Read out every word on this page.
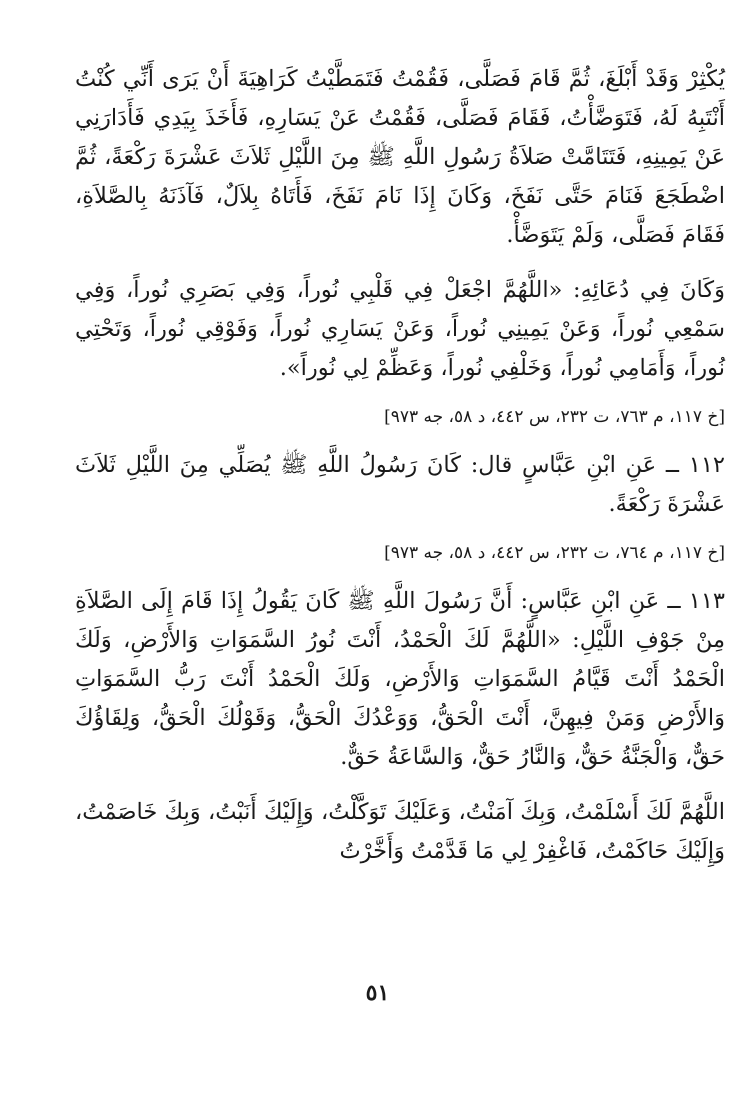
يُكْثِرْ وَقَدْ أَبْلَغَ، ثُمَّ قَامَ فَصَلَّى، فَقُمْتُ فَتَمَطَّيْتُ كَرَاهِيَةَ أَنْ يَرَى أَنِّي كُنْتُ أَنْتَبِهُ لَهُ، فَتَوَضَّأْتُ، فَقَامَ فَصَلَّى، فَقُمْتُ عَنْ يَسَارِهِ، فَأَخَذَ بِيَدِي فَأَدَارَنِي عَنْ يَمِينِهِ، فَتَتَامَّتْ صَلاَةُ رَسُولِ اللَّهِ ﷺ مِنَ اللَّيْلِ ثَلاَثَ عَشْرَةَ رَكْعَةً، ثُمَّ اضْطَجَعَ فَنَامَ حَتَّى نَفَخَ، وَكَانَ إِذَا نَامَ نَفَخَ، فَأَتَاهُ بِلاَلٌ، فَآذَنَهُ بِالصَّلاَةِ، فَقَامَ فَصَلَّى، وَلَمْ يَتَوَضَّأْ.

وَكَانَ فِي دُعَائِهِ: «اللَّهُمَّ اجْعَلْ فِي قَلْبِي نُوراً، وَفِي بَصَرِي نُوراً، وَفِي سَمْعِي نُوراً، وَعَنْ يَمِينِي نُوراً، وَعَنْ يَسَارِي نُوراً، وَفَوْقِي نُوراً، وَتَحْتِي نُوراً، وَأَمَامِي نُوراً، وَخَلْفِي نُوراً، وَعَظِّمْ لِي نُوراً».

[خ ١١٧، م ٧٦٣، ت ٢٣٢، س ٤٤٢، د ٥٨، جه ٩٧٣]

١١٢ ــ عَنِ ابْنِ عَبَّاسٍ قال: كَانَ رَسُولُ اللَّهِ ﷺ يُصَلِّي مِنَ اللَّيْلِ ثَلاَثَ عَشْرَةَ رَكْعَةً.

[خ ١١٧، م ٧٦٤، ت ٢٣٢، س ٤٤٢، د ٥٨، جه ٩٧٣]

١١٣ ــ عَنِ ابْنِ عَبَّاسٍ: أَنَّ رَسُولَ اللَّهِ ﷺ كَانَ يَقُولُ إِذَا قَامَ إِلَى الصَّلاَةِ مِنْ جَوْفِ اللَّيْلِ: «اللَّهُمَّ لَكَ الْحَمْدُ، أَنْتَ نُورُ السَّمَوَاتِ وَالأَرْضِ، وَلَكَ الْحَمْدُ أَنْتَ قَيَّامُ السَّمَوَاتِ وَالأَرْضِ، وَلَكَ الْحَمْدُ أَنْتَ رَبُّ السَّمَوَاتِ وَالأَرْضِ وَمَنْ فِيهِنَّ، أَنْتَ الْحَقُّ، وَوَعْدُكَ الْحَقُّ، وَقَوْلُكَ الْحَقُّ، وَلِقَاؤُكَ حَقٌّ، وَالْجَنَّةُ حَقٌّ، وَالنَّارُ حَقٌّ، وَالسَّاعَةُ حَقٌّ.

اللَّهُمَّ لَكَ أَسْلَمْتُ، وَبِكَ آمَنْتُ، وَعَلَيْكَ تَوَكَّلْتُ، وَإِلَيْكَ أَنَبْتُ، وَبِكَ خَاصَمْتُ، وَإِلَيْكَ حَاكَمْتُ، فَاغْفِرْ لِي مَا قَدَّمْتُ وَأَخَّرْتُ

٥١
